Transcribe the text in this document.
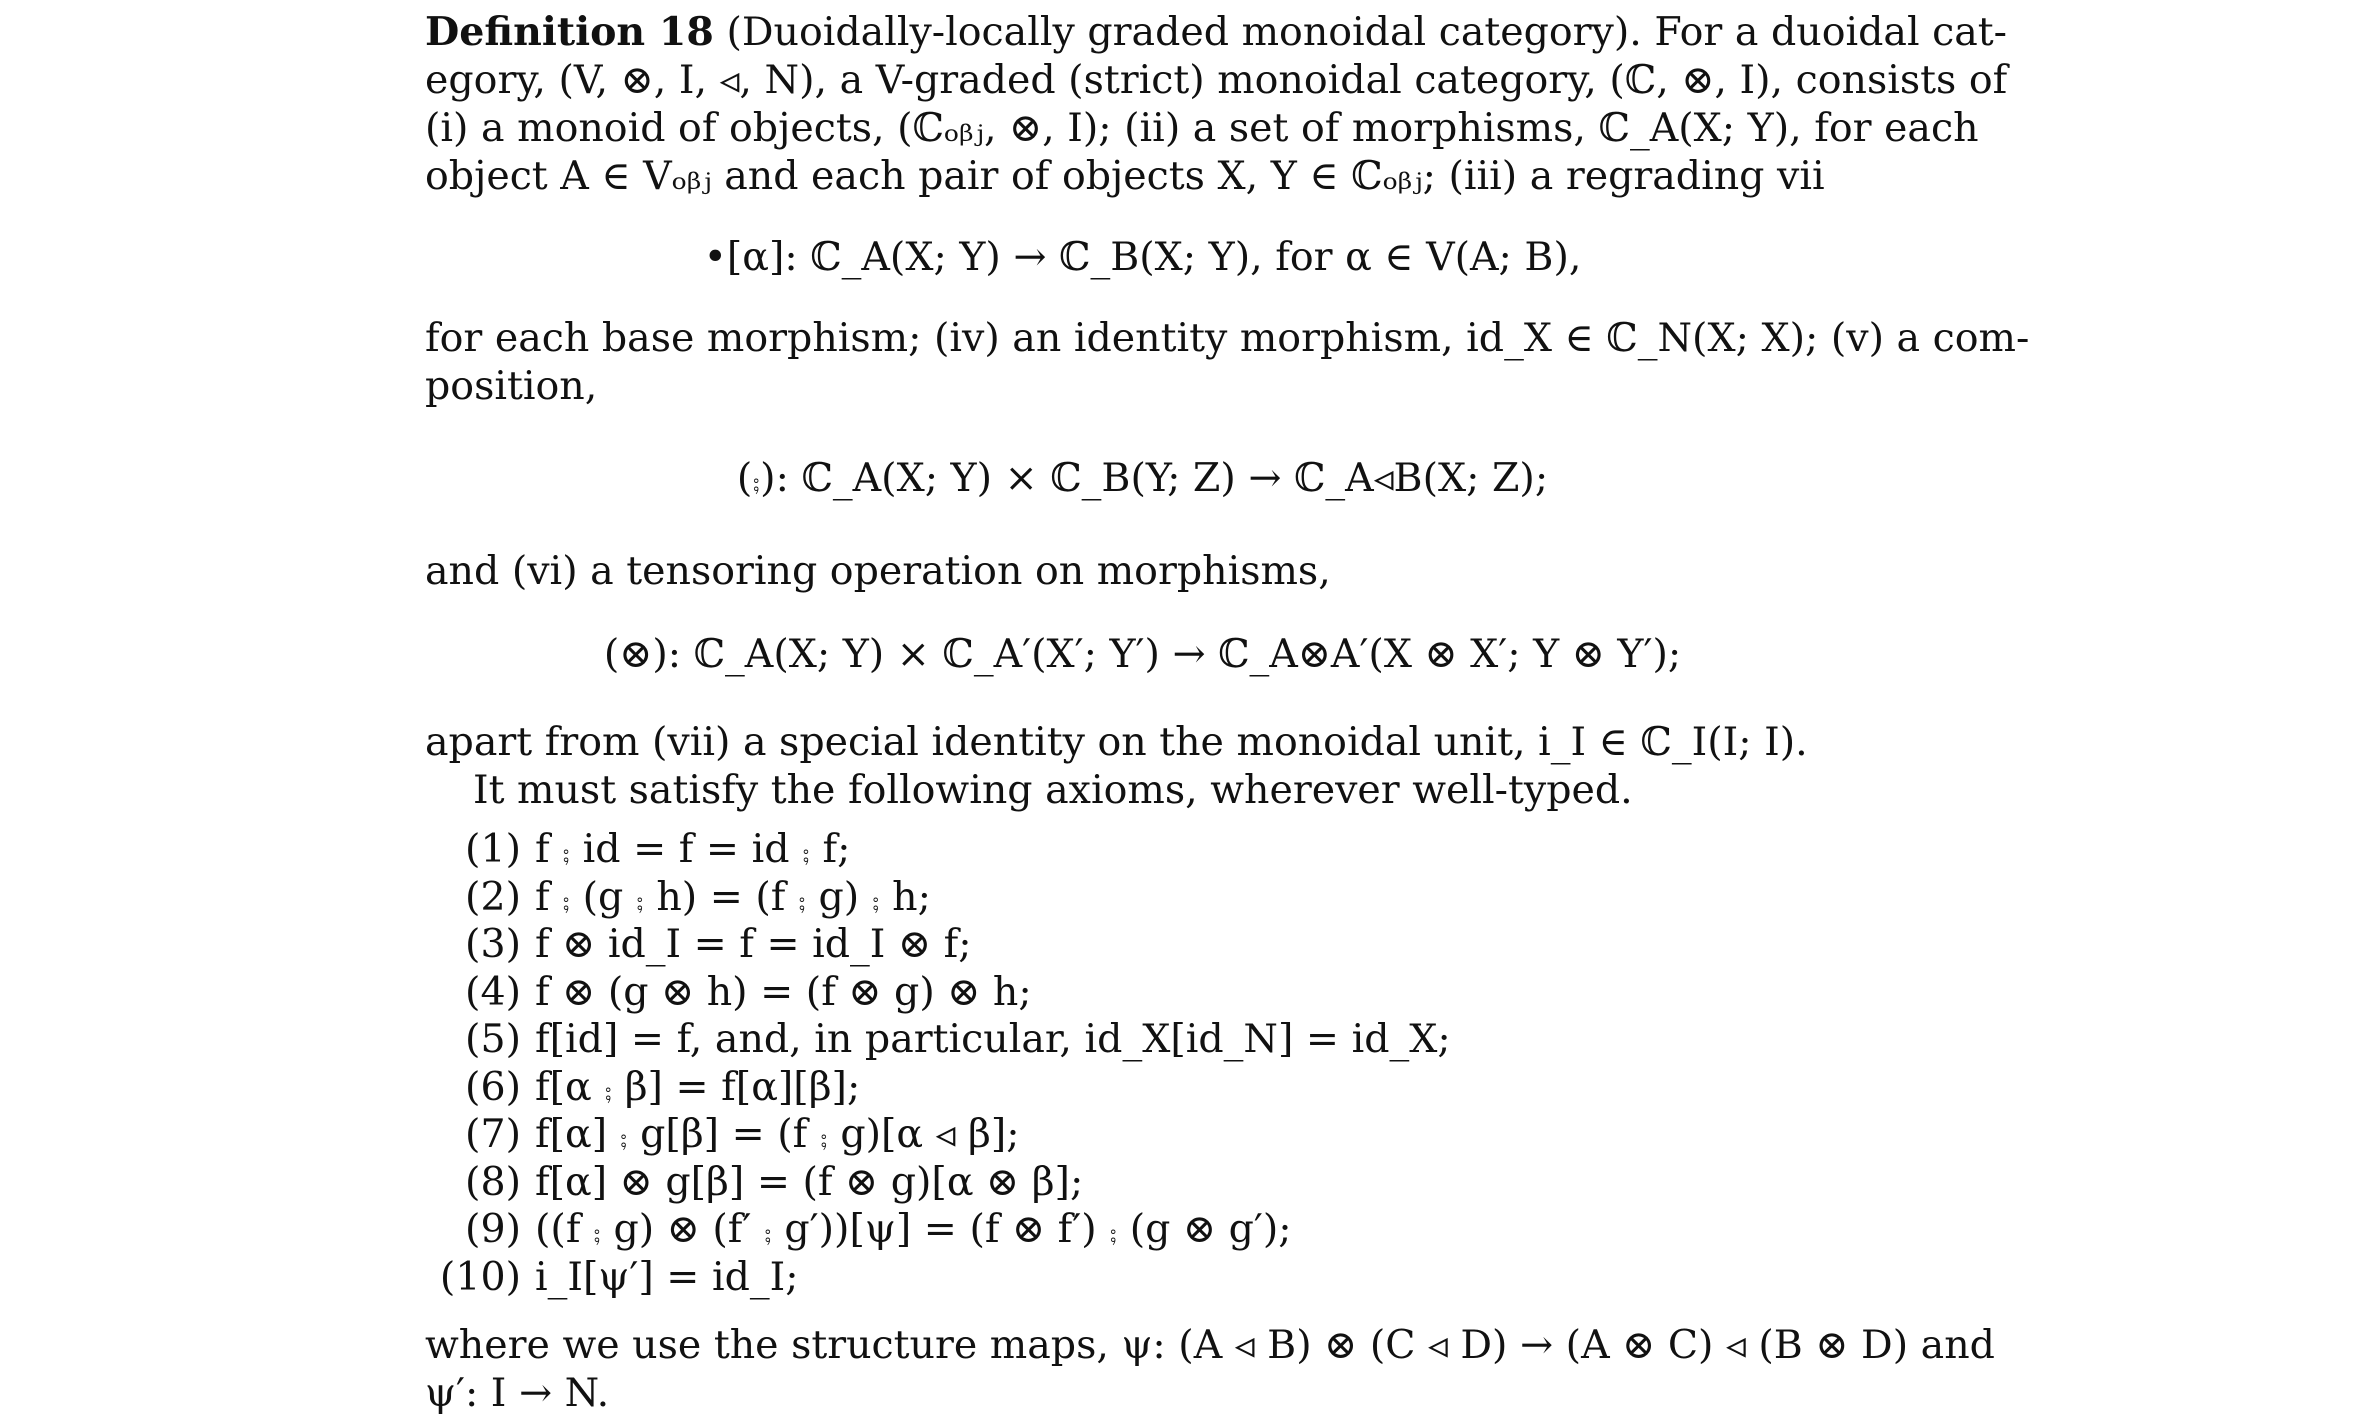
Definition 18 (Duoidally-locally graded monoidal category). For a duoidal cat-
egory, (V, ⊗, I, ◃, N), a V-graded (strict) monoidal category, (ℂ, ⊗, I), consists of
(i) a monoid of objects, (ℂₒᵦⱼ, ⊗, I); (ii) a set of morphisms, ℂ_A(X; Y), for each
object A ∈ Vₒᵦⱼ and each pair of objects X, Y ∈ ℂₒᵦⱼ; (iii) a regrading vii

•[α]: ℂ_A(X; Y) → ℂ_B(X; Y), for α ∈ V(A; B),

for each base morphism; (iv) an identity morphism, id_X ∈ ℂ_N(X; X); (v) a com-
position,

(⨾): ℂ_A(X; Y) × ℂ_B(Y; Z) → ℂ_A◃B(X; Z);

and (vi) a tensoring operation on morphisms,

(⊗): ℂ_A(X; Y) × ℂ_A′(X′; Y′) → ℂ_A⊗A′(X ⊗ X′; Y ⊗ Y′);

apart from (vii) a special identity on the monoidal unit, i_I ∈ ℂ_I(I; I).

It must satisfy the following axioms, wherever well-typed.

(1) f ⨾ id = f = id ⨾ f;
(2) f ⨾ (g ⨾ h) = (f ⨾ g) ⨾ h;
(3) f ⊗ id_I = f = id_I ⊗ f;
(4) f ⊗ (g ⊗ h) = (f ⊗ g) ⊗ h;
(5) f[id] = f, and, in particular, id_X[id_N] = id_X;
(6) f[α ⨾ β] = f[α][β];
(7) f[α] ⨾ g[β] = (f ⨾ g)[α ◃ β];
(8) f[α] ⊗ g[β] = (f ⊗ g)[α ⊗ β];
(9) ((f ⨾ g) ⊗ (f′ ⨾ g′))[ψ] = (f ⊗ f′) ⨾ (g ⊗ g′);
(10) i_I[ψ′] = id_I;

where we use the structure maps, ψ: (A ◃ B) ⊗ (C ◃ D) → (A ⊗ C) ◃ (B ⊗ D) and
ψ′: I → N.
